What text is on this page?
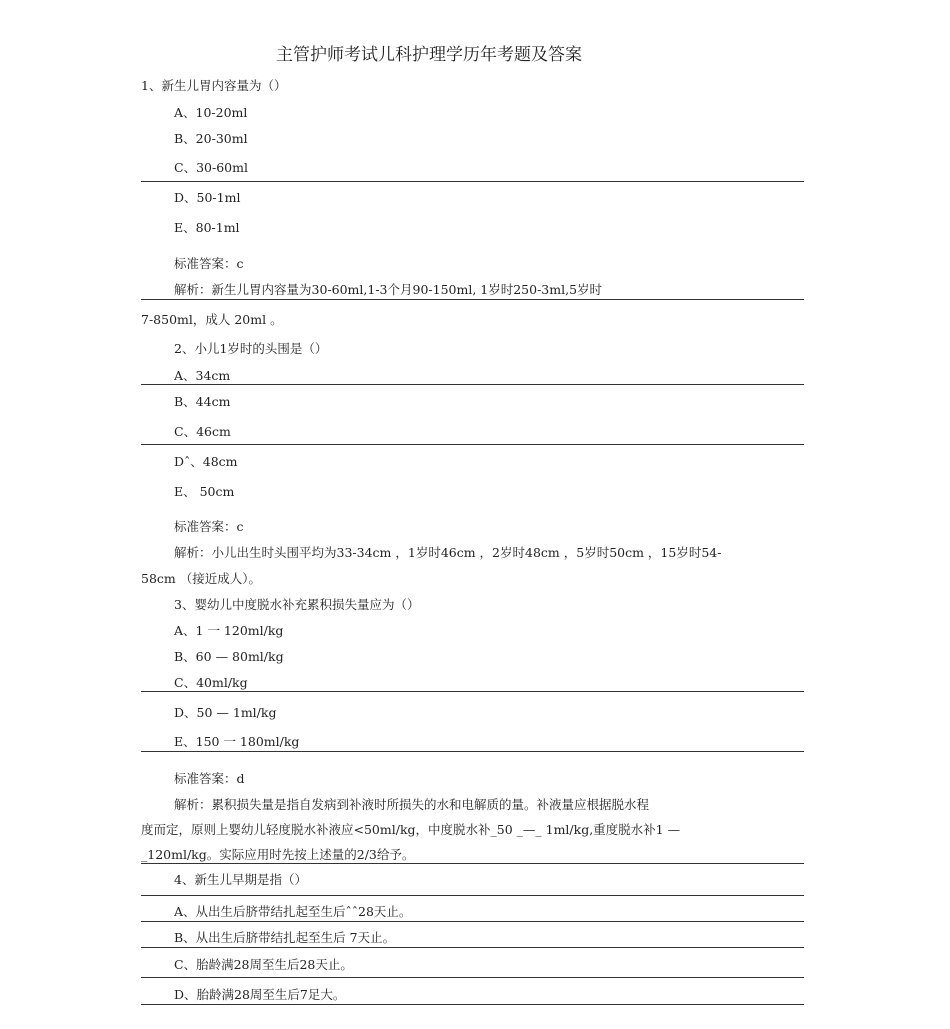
主管护师考试儿科护理学历年考题及答案
1、新生儿胃内容量为（）
A、10-20ml
B、20-30ml
C、30-60ml
D、50-1ml
E、80-1ml
标准答案：c
解析：新生儿胃内容量为30-60ml,1-3个月90-150ml, 1岁时250-3ml,5岁时
7-850ml，成人 20ml 。
2、小儿1岁时的头围是（）
A、34cm
B、44cm
C、46cm
Dˆ、48cm
E、 50cm
标准答案：c
解析：小儿出生时头围平均为33-34cm ，1岁时46cm ，2岁时48cm ，5岁时50cm ，15岁时54-
58cm （接近成人）。
3、婴幼儿中度脱水补充累积损失量应为（）
A、1 一 120ml/kg
B、60 — 80ml/kg
C、40ml/kg
D、50 — 1ml/kg
E、150 一 180ml/kg
标准答案：d
解析：累积损失量是指自发病到补液时所损失的水和电解质的量。补液量应根据脱水程
度而定，原则上婴幼儿轻度脱水补液应<50ml/kg，中度脱水补_50 _—_ 1ml/kg,重度脱水补1 —
_120ml/kg。实际应用时先按上述量的2/3给予。
4、新生儿早期是指（）
A、从出生后脐带结扎起至生后ˆˆ28天止。
B、从出生后脐带结扎起至生后 7天止。
C、胎龄满28周至生后28天止。
D、胎龄满28周至生后7足大。
